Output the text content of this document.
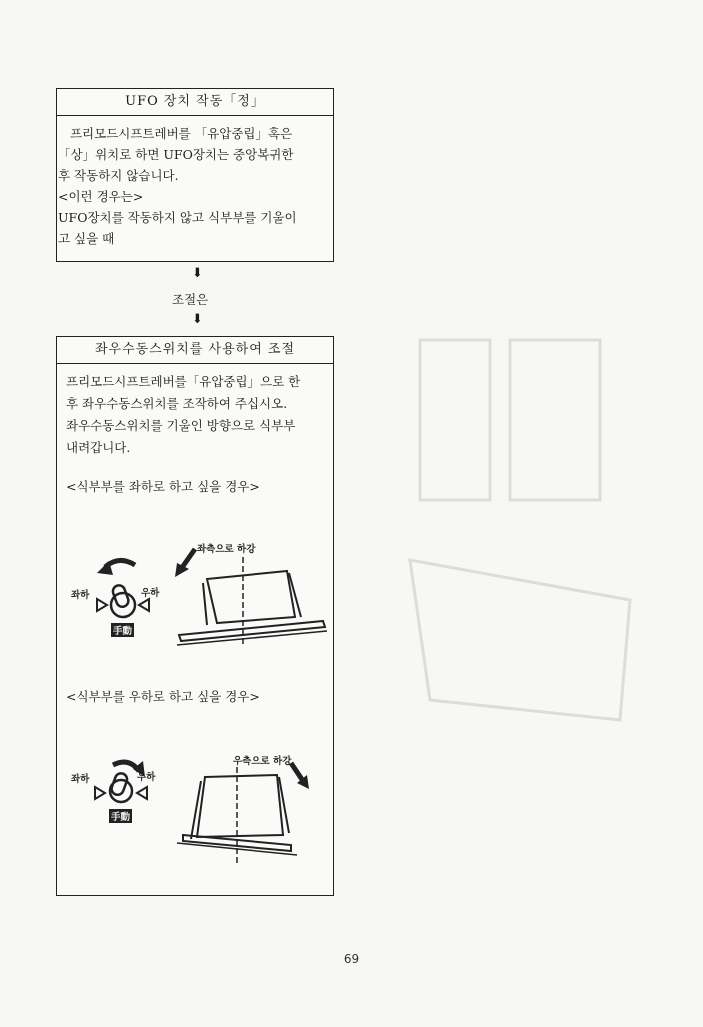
UFO 장치 작동「정」
프리모드시프트레버를 「유압중립」혹은
「상」위치로 하면 UFO장치는 중앙복귀한
후 작동하지 않습니다.
<이런 경우는>
UFO장치를 작동하지 않고 식부부를 기울이
고 싶을 때
⬇
조절은
⬇
좌우수동스위치를 사용하여 조절
프리모드시프트레버를「유압중립」으로 한
후 좌우수동스위치를 조작하여 주십시오.
좌우수동스위치를 기울인 방향으로 식부부
내려갑니다.
<식부부를 좌하로 하고 싶을 경우>
좌측으로 하강
좌하	우하
手動
<식부부를 우하로 하고 싶을 경우>
우측으로 하강
좌하	우하
手動
69
